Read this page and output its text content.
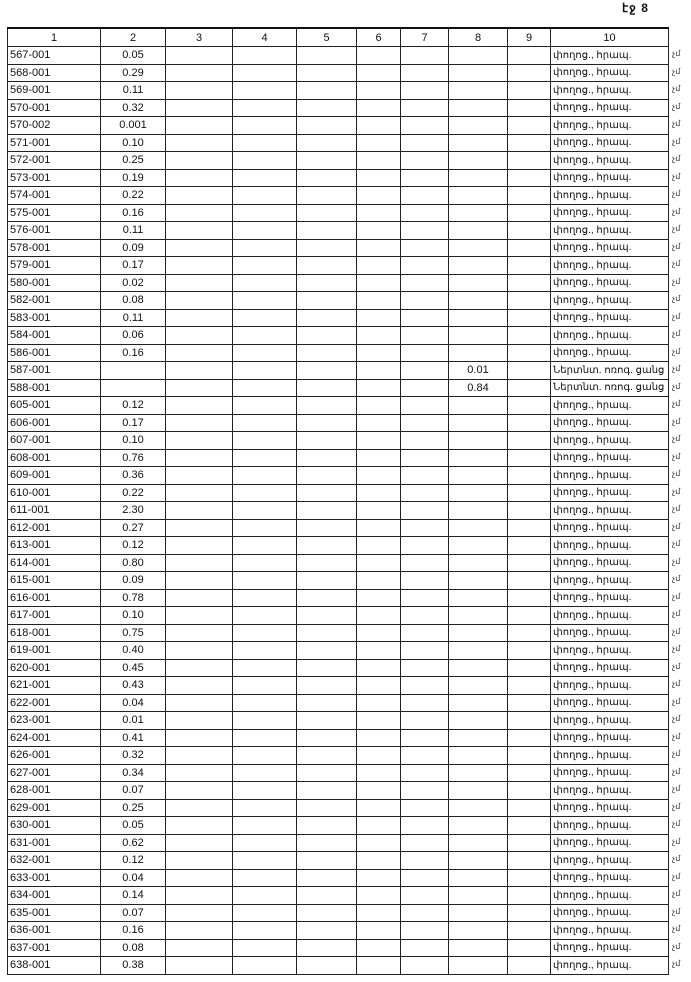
էջ 8
1	2	3	4	5	6	7	8	9	10
567-001	0.05								փողոց., հրապ.
568-001	0.29								փողոց., հրապ.
569-001	0.11								փողոց., հրապ.
570-001	0.32								փողոց., հրապ.
570-002	0.001								փողոց., հրապ.
571-001	0.10								փողոց., հրապ.
572-001	0.25								փողոց., հրապ.
573-001	0.19								փողոց., հրապ.
574-001	0.22								փողոց., հրապ.
575-001	0.16								փողոց., հրապ.
576-001	0.11								փողոց., հրապ.
578-001	0.09								փողոց., հրապ.
579-001	0.17								փողոց., հրապ.
580-001	0.02								փողոց., հրապ.
582-001	0.08								փողոց., հրապ.
583-001	0.11								փողոց., հրապ.
584-001	0.06								փողոց., հրապ.
586-001	0.16								փողոց., հրապ.
587-001							0.01		Ներտնտ. ոռոգ. ցանց
588-001							0.84		Ներտնտ. ոռոգ. ցանց
605-001	0.12								փողոց., հրապ.
606-001	0.17								փողոց., հրապ.
607-001	0.10								փողոց., հրապ.
608-001	0.76								փողոց., հրապ.
609-001	0.36								փողոց., հրապ.
610-001	0.22								փողոց., հրապ.
611-001	2.30								փողոց., հրապ.
612-001	0.27								փողոց., հրապ.
613-001	0.12								փողոց., հրապ.
614-001	0.80								փողոց., հրապ.
615-001	0.09								փողոց., հրապ.
616-001	0.78								փողոց., հրապ.
617-001	0.10								փողոց., հրապ.
618-001	0.75								փողոց., հրապ.
619-001	0.40								փողոց., հրապ.
620-001	0.45								փողոց., հրապ.
621-001	0.43								փողոց., հրապ.
622-001	0.04								փողոց., հրապ.
623-001	0.01								փողոց., հրապ.
624-001	0.41								փողոց., հրապ.
626-001	0.32								փողոց., հրապ.
627-001	0.34								փողոց., հրապ.
628-001	0.07								փողոց., հրապ.
629-001	0.25								փողոց., հրապ.
630-001	0.05								փողոց., հրապ.
631-001	0.62								փողոց., հրապ.
632-001	0.12								փողոց., հրապ.
633-001	0.04								փողոց., հրապ.
634-001	0.14								փողոց., հրապ.
635-001	0.07								փողոց., հրապ.
636-001	0.16								փողոց., հրապ.
637-001	0.08								փողոց., հրապ.
638-001	0.38								փողոց., հրապ.
չմ
չմ
չմ
չմ
չմ
չմ
չմ
չմ
չմ
չմ
չմ
չմ
չմ
չմ
չմ
չմ
չմ
չմ
չմ
չմ
չմ
չմ
չմ
չմ
չմ
չմ
չմ
չմ
չմ
չմ
չմ
չմ
չմ
չմ
չմ
չմ
չմ
չմ
չմ
չմ
չմ
չմ
չմ
չմ
չմ
չմ
չմ
չմ
չմ
չմ
չմ
չմ
չմ
